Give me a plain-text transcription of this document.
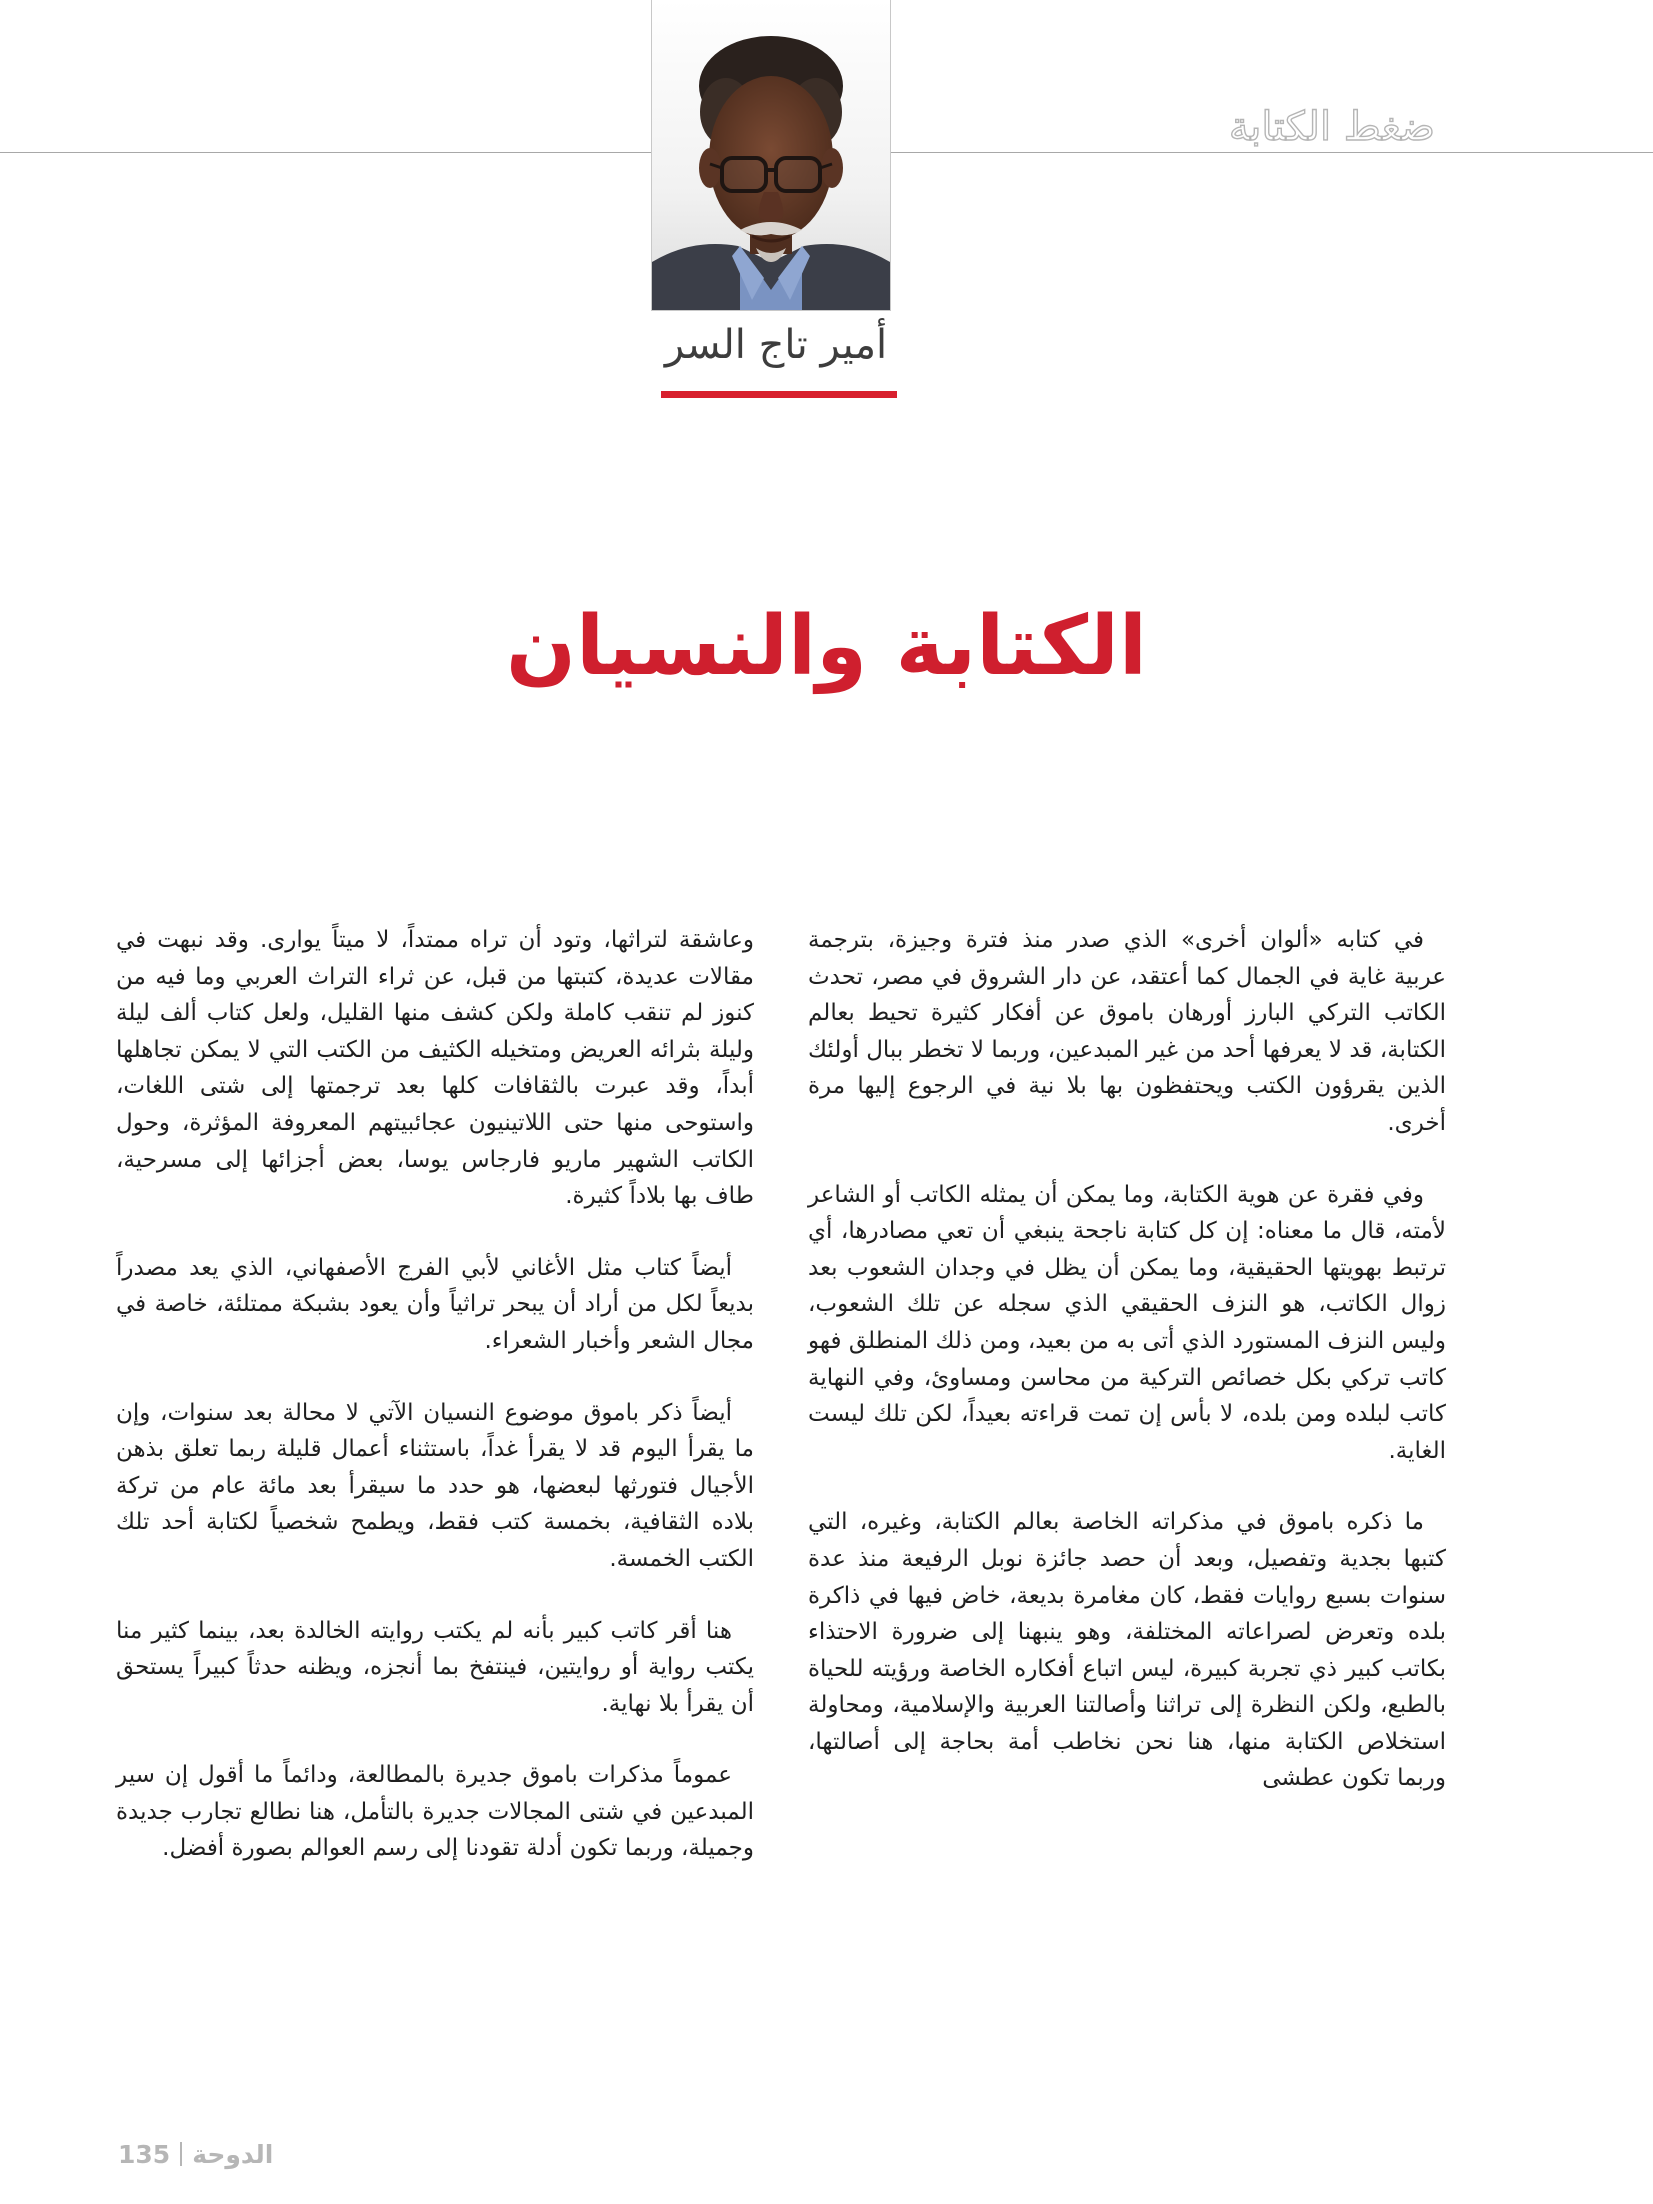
ضغط الكتابة
أمير تاج السر
الكتابة والنسيان

في كتابه «ألوان أخرى» الذي صدر منذ فترة وجيزة، بترجمة عربية غاية في الجمال كما أعتقد، عن دار الشروق في مصر، تحدث الكاتب التركي البارز أورهان باموق عن أفكار كثيرة تحيط بعالم الكتابة، قد لا يعرفها أحد من غير المبدعين، وربما لا تخطر ببال أولئك الذين يقرؤون الكتب ويحتفظون بها بلا نية في الرجوع إليها مرة أخرى.

وفي فقرة عن هوية الكتابة، وما يمكن أن يمثله الكاتب أو الشاعر لأمته، قال ما معناه: إن كل كتابة ناجحة ينبغي أن تعي مصادرها، أي ترتبط بهويتها الحقيقية، وما يمكن أن يظل في وجدان الشعوب بعد زوال الكاتب، هو النزف الحقيقي الذي سجله عن تلك الشعوب، وليس النزف المستورد الذي أتى به من بعيد، ومن ذلك المنطلق فهو كاتب تركي بكل خصائص التركية من محاسن ومساوئ، وفي النهاية كاتب لبلده ومن بلده، لا بأس إن تمت قراءته بعيداً، لكن تلك ليست الغاية.

ما ذكره باموق في مذكراته الخاصة بعالم الكتابة، وغيره، التي كتبها بجدية وتفصيل، وبعد أن حصد جائزة نوبل الرفيعة منذ عدة سنوات بسبع روايات فقط، كان مغامرة بديعة، خاض فيها في ذاكرة بلده وتعرض لصراعاته المختلفة، وهو ينبهنا إلى ضرورة الاحتذاء بكاتب كبير ذي تجربة كبيرة، ليس اتباع أفكاره الخاصة ورؤيته للحياة بالطبع، ولكن النظرة إلى تراثنا وأصالتنا العربية والإسلامية، ومحاولة استخلاص الكتابة منها، هنا نحن نخاطب أمة بحاجة إلى أصالتها، وربما تكون عطشى

وعاشقة لتراثها، وتود أن تراه ممتداً، لا ميتاً يوارى. وقد نبهت في مقالات عديدة، كتبتها من قبل، عن ثراء التراث العربي وما فيه من كنوز لم تنقب كاملة ولكن كشف منها القليل، ولعل كتاب ألف ليلة وليلة بثرائه العريض ومتخيله الكثيف من الكتب التي لا يمكن تجاهلها أبداً، وقد عبرت بالثقافات كلها بعد ترجمتها إلى شتى اللغات، واستوحى منها حتى اللاتينيون عجائبيتهم المعروفة المؤثرة، وحول الكاتب الشهير ماريو فارجاس يوسا، بعض أجزائها إلى مسرحية، طاف بها بلاداً كثيرة.

أيضاً كتاب مثل الأغاني لأبي الفرج الأصفهاني، الذي يعد مصدراً بديعاً لكل من أراد أن يبحر تراثياً وأن يعود بشبكة ممتلئة، خاصة في مجال الشعر وأخبار الشعراء.

أيضاً ذكر باموق موضوع النسيان الآتي لا محالة بعد سنوات، وإن ما يقرأ اليوم قد لا يقرأ غداً، باستثناء أعمال قليلة ربما تعلق بذهن الأجيال فتورثها لبعضها، هو حدد ما سيقرأ بعد مائة عام من تركة بلاده الثقافية، بخمسة كتب فقط، ويطمح شخصياً لكتابة أحد تلك الكتب الخمسة.

هنا أقر كاتب كبير بأنه لم يكتب روايته الخالدة بعد، بينما كثير منا يكتب رواية أو روايتين، فينتفخ بما أنجزه، ويظنه حدثاً كبيراً يستحق أن يقرأ بلا نهاية.

عموماً مذكرات باموق جديرة بالمطالعة، ودائماً ما أقول إن سير المبدعين في شتى المجالات جديرة بالتأمل، هنا نطالع تجارب جديدة وجميلة، وربما تكون أدلة تقودنا إلى رسم العوالم بصورة أفضل.

135 الدوحة
